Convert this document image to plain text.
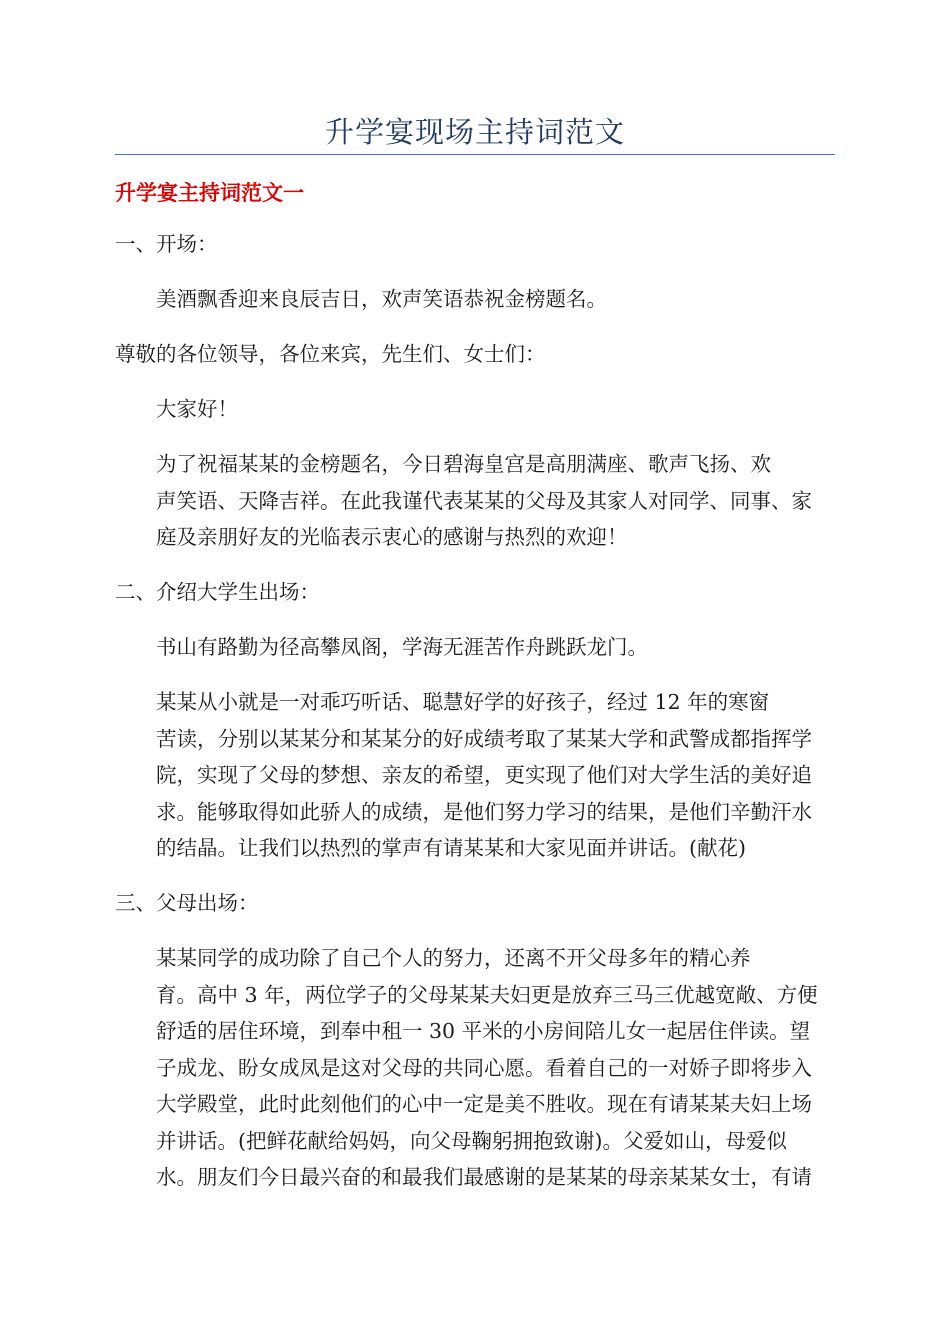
升学宴现场主持词范文
升学宴主持词范文一

一、开场：

美酒飘香迎来良辰吉日，欢声笑语恭祝金榜题名。

尊敬的各位领导，各位来宾，先生们、女士们：

大家好！

为了祝福某某的金榜题名，今日碧海皇宫是高朋满座、歌声飞扬、欢
声笑语、天降吉祥。在此我谨代表某某的父母及其家人对同学、同事、家
庭及亲朋好友的光临表示衷心的感谢与热烈的欢迎！

二、介绍大学生出场：

书山有路勤为径高攀凤阁，学海无涯苦作舟跳跃龙门。

某某从小就是一对乖巧听话、聪慧好学的好孩子，经过 12 年的寒窗
苦读，分别以某某分和某某分的好成绩考取了某某大学和武警成都指挥学
院，实现了父母的梦想、亲友的希望，更实现了他们对大学生活的美好追
求。能够取得如此骄人的成绩，是他们努力学习的结果，是他们辛勤汗水
的结晶。让我们以热烈的掌声有请某某和大家见面并讲话。(献花)

三、父母出场：

某某同学的成功除了自己个人的努力，还离不开父母多年的精心养
育。高中 3 年，两位学子的父母某某夫妇更是放弃三马三优越宽敞、方便
舒适的居住环境，到奉中租一 30 平米的小房间陪儿女一起居住伴读。望
子成龙、盼女成凤是这对父母的共同心愿。看着自己的一对娇子即将步入
大学殿堂，此时此刻他们的心中一定是美不胜收。现在有请某某夫妇上场
并讲话。(把鲜花献给妈妈，向父母鞠躬拥抱致谢)。父爱如山，母爱似
水。朋友们今日最兴奋的和最我们最感谢的是某某的母亲某某女士，有请
